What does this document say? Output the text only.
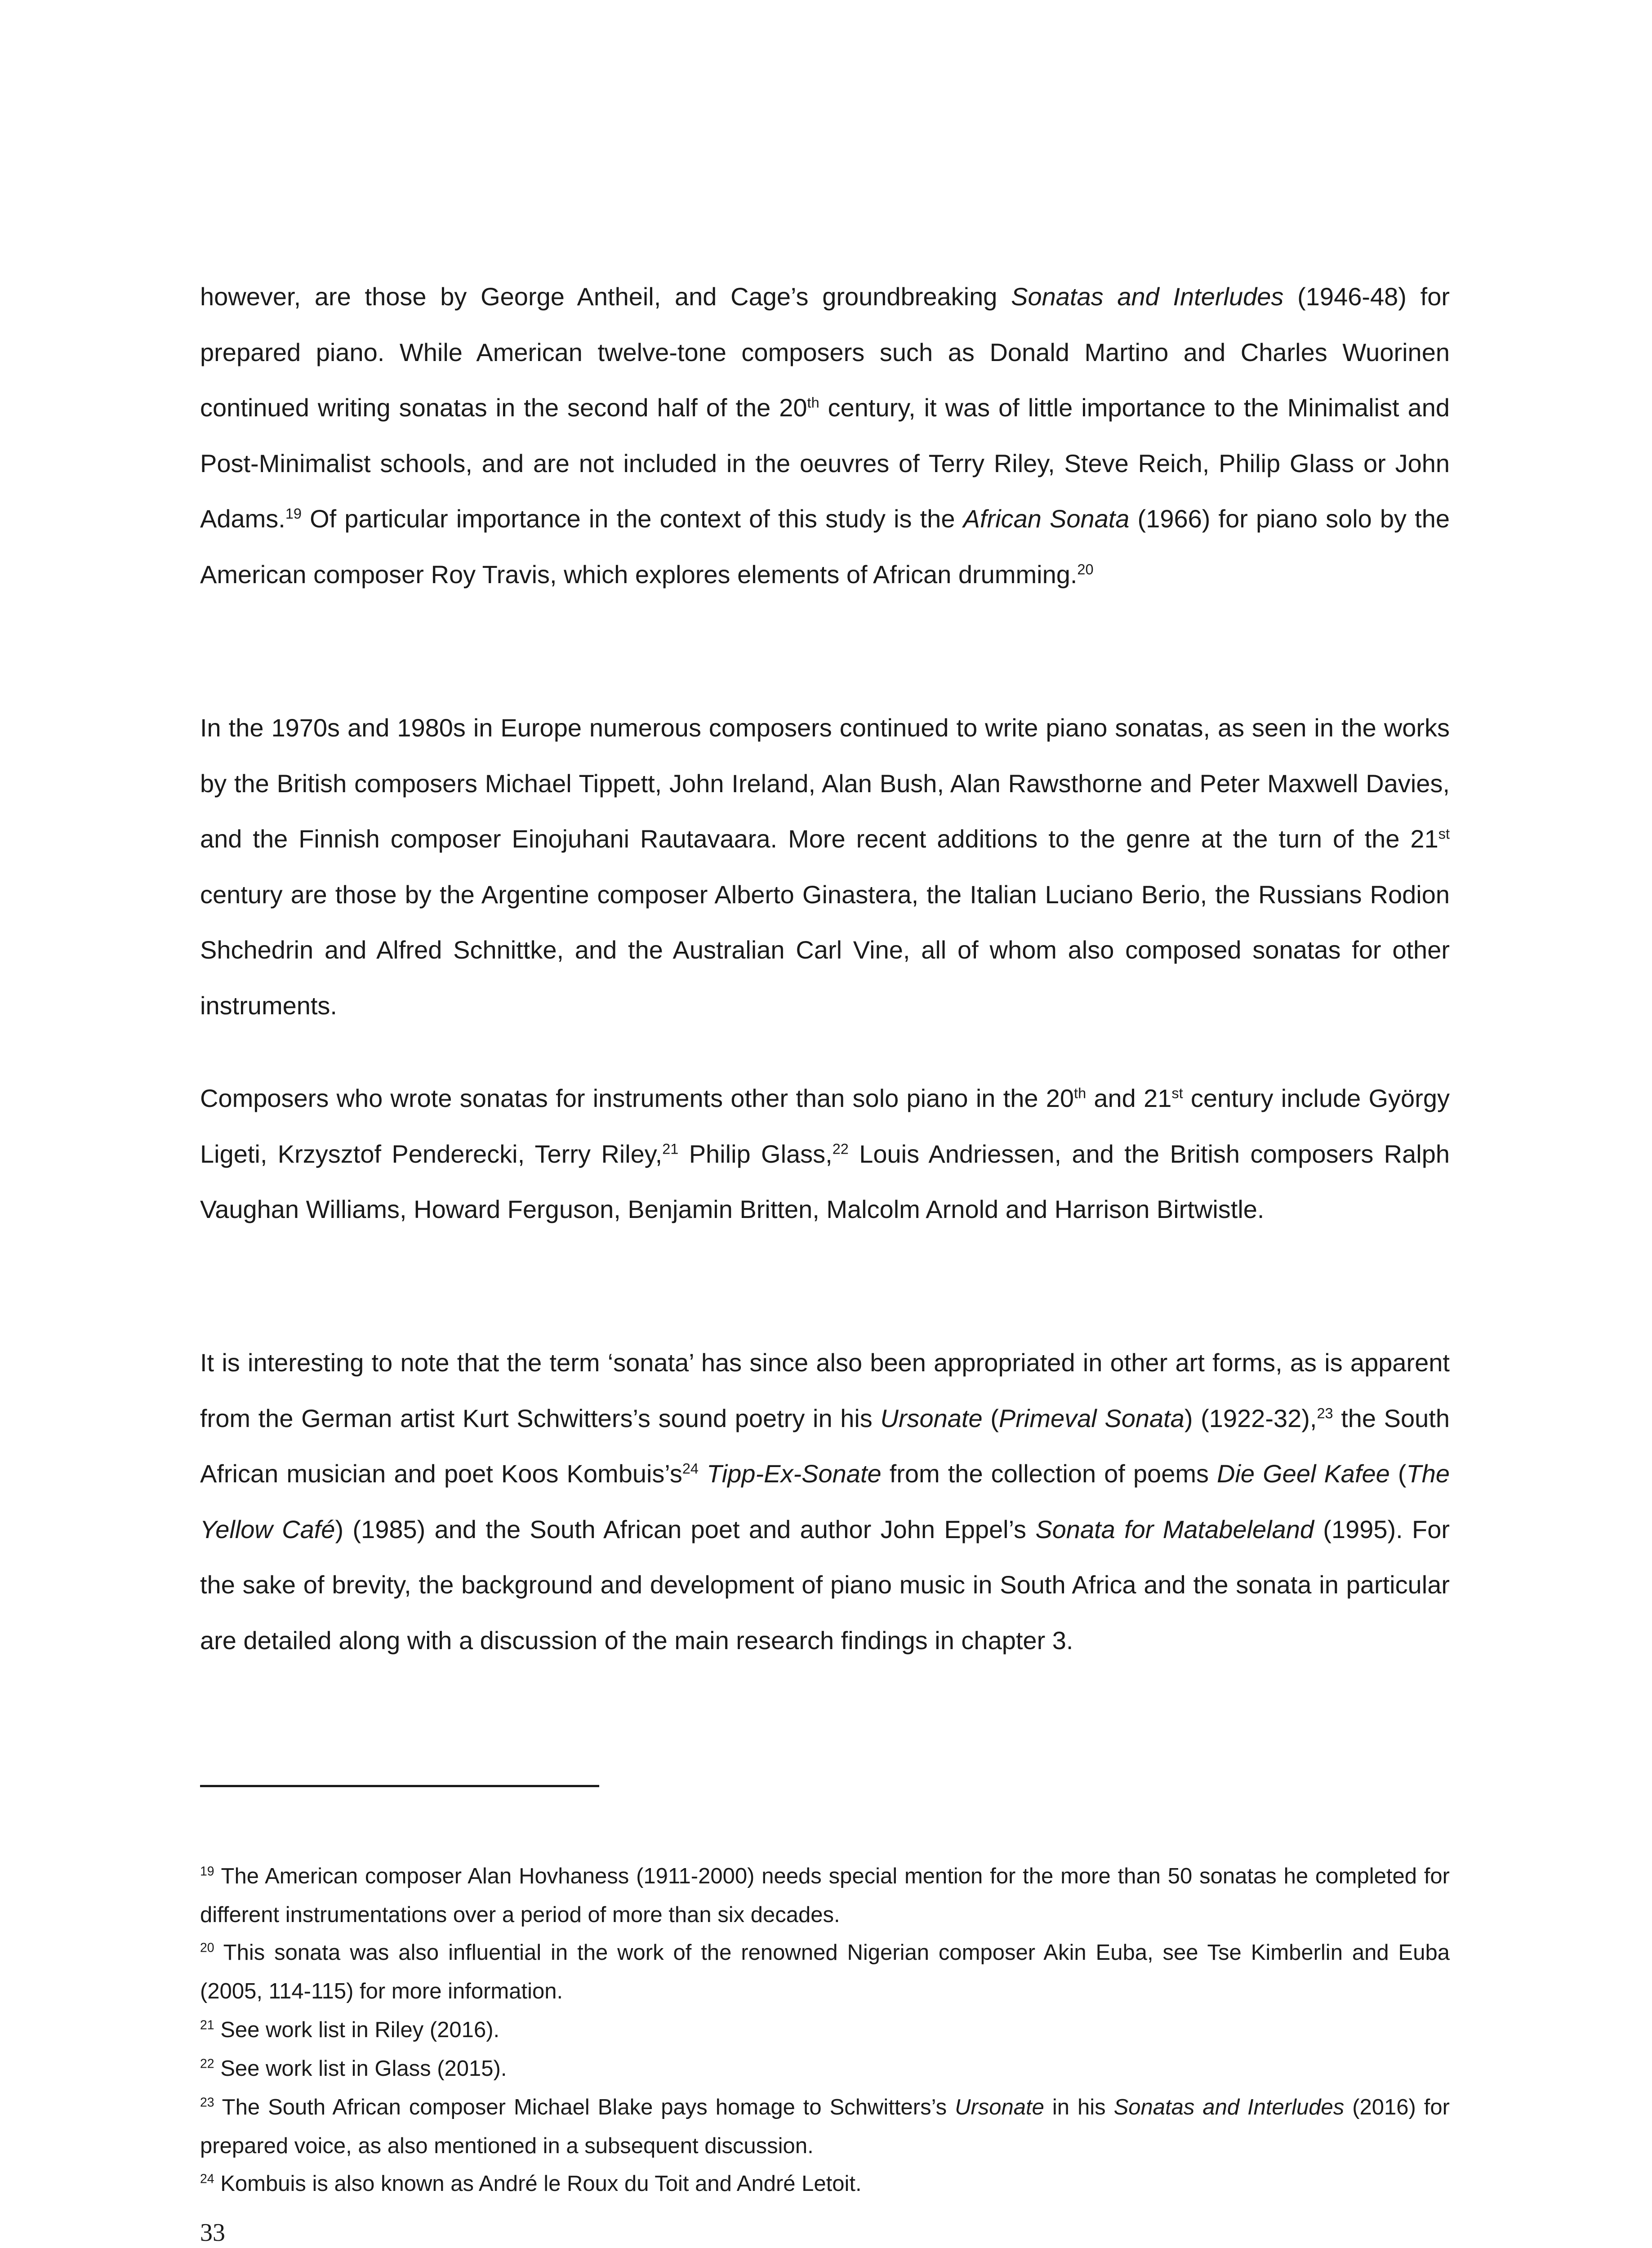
however, are those by George Antheil, and Cage’s groundbreaking Sonatas and Interludes (1946-48) for prepared piano. While American twelve-tone composers such as Donald Martino and Charles Wuorinen continued writing sonatas in the second half of the 20th century, it was of little importance to the Minimalist and Post-Minimalist schools, and are not included in the oeuvres of Terry Riley, Steve Reich, Philip Glass or John Adams.$^{19}$ Of particular importance in the context of this study is the African Sonata (1966) for piano solo by the American composer Roy Travis, which explores elements of African drumming.$^{20}$

In the 1970s and 1980s in Europe numerous composers continued to write piano sonatas, as seen in the works by the British composers Michael Tippett, John Ireland, Alan Bush, Alan Rawsthorne and Peter Maxwell Davies, and the Finnish composer Einojuhani Rautavaara. More recent additions to the genre at the turn of the 21st century are those by the Argentine composer Alberto Ginastera, the Italian Luciano Berio, the Russians Rodion Shchedrin and Alfred Schnittke, and the Australian Carl Vine, all of whom also composed sonatas for other instruments.

Composers who wrote sonatas for instruments other than solo piano in the 20th and 21st century include György Ligeti, Krzysztof Penderecki, Terry Riley,$^{21}$ Philip Glass,$^{22}$ Louis Andriessen, and the British composers Ralph Vaughan Williams, Howard Ferguson, Benjamin Britten, Malcolm Arnold and Harrison Birtwistle.

It is interesting to note that the term ‘sonata’ has since also been appropriated in other art forms, as is apparent from the German artist Kurt Schwitters’s sound poetry in his Ursonate (Primeval Sonata) (1922-32),$^{23}$ the South African musician and poet Koos $Kombuis’s^{24}$ Tipp-Ex-Sonate from the collection of poems Die Geel Kafee (The Yellow Café) (1985) and the South African poet and author John Eppel’s Sonata for Matabeleland (1995). For the sake of brevity, the background and development of piano music in South Africa and the sonata in particular are detailed along with a discussion of the main research findings in chapter 3.

$^{19}$ The American composer Alan Hovhaness (1911-2000) needs special mention for the more than 50 sonatas he completed for different instrumentations over a period of more than six decades.

$^{20}$ This sonata was also influential in the work of the renowned Nigerian composer Akin Euba, see Tse Kimberlin and Euba (2005, 114-115) for more information.

$^{21}$ See work list in Riley (2016).

$^{22}$ See work list in Glass (2015).

$^{23}$ The South African composer Michael Blake pays homage to Schwitters’s Ursonate in his Sonatas and Interludes (2016) for prepared voice, as also mentioned in a subsequent discussion.

$^{24}$ Kombuis is also known as André le Roux du Toit and André Letoit.

33
